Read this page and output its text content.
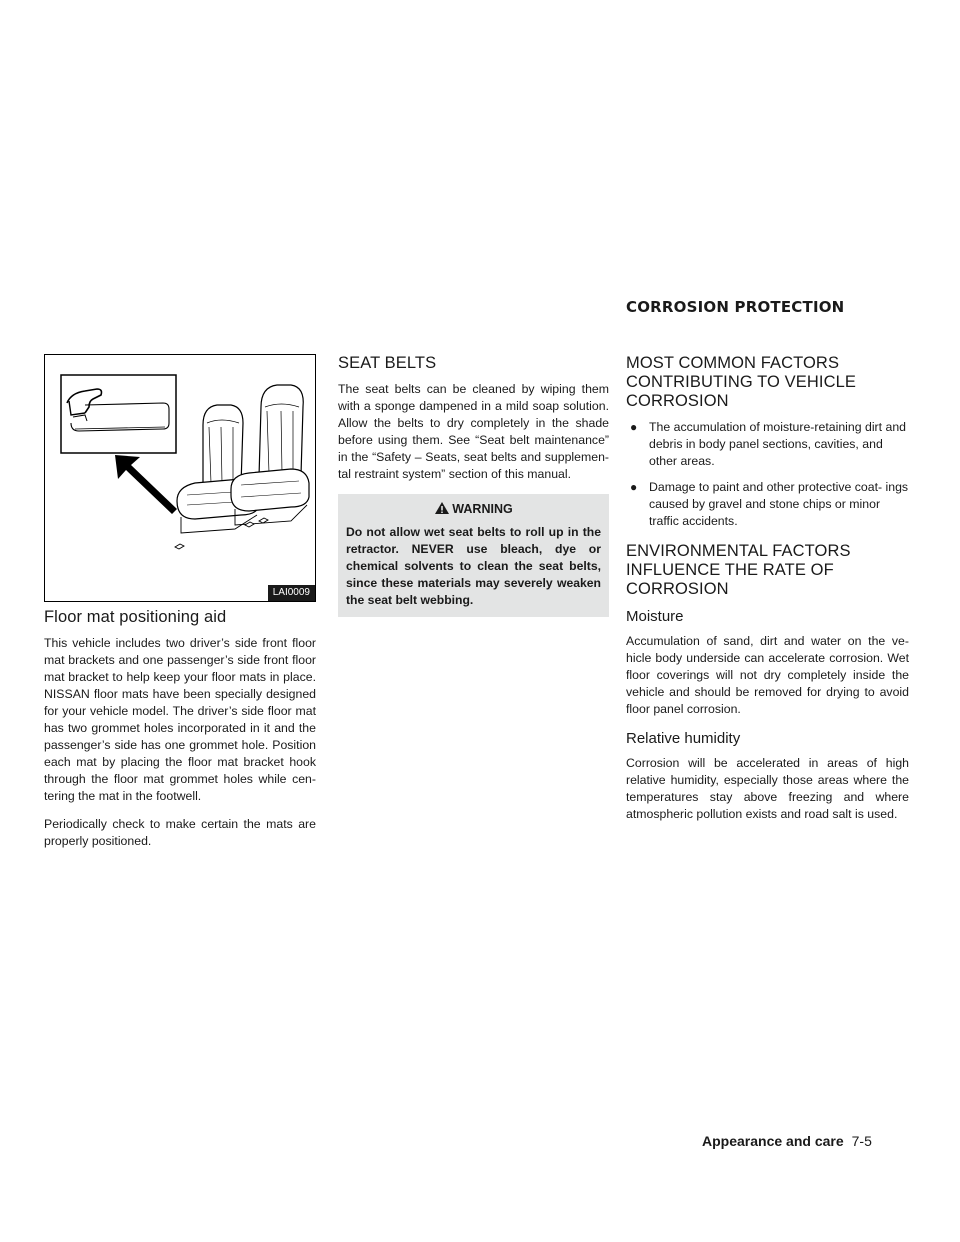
CORROSION PROTECTION
LAI0009
Floor mat positioning aid

This vehicle includes two driver’s side front floor mat brackets and one passenger’s side front floor mat bracket to help keep your floor mats in place. NISSAN floor mats have been specially designed for your vehicle model. The driver’s side floor mat has two grommet holes incorporated in it and the passenger’s side has one grommet hole. Position each mat by placing the floor mat bracket hook through the floor mat grommet holes while cen- tering the mat in the footwell.

Periodically check to make certain the mats are properly positioned.

SEAT BELTS

The seat belts can be cleaned by wiping them with a sponge dampened in a mild soap solution. Allow the belts to dry completely in the shade before using them. See “Seat belt maintenance” in the “Safety – Seats, seat belts and supplemen- tal restraint system” section of this manual.

WARNING
Do not allow wet seat belts to roll up in the retractor. NEVER use bleach, dye or chemical solvents to clean the seat belts, since these materials may severely weaken the seat belt webbing.
MOST COMMON FACTORS CONTRIBUTING TO VEHICLE CORROSION
● The accumulation of moisture-retaining dirt and debris in body panel sections, cavities, and other areas.
● Damage to paint and other protective coat- ings caused by gravel and stone chips or minor traffic accidents.
ENVIRONMENTAL FACTORS INFLUENCE THE RATE OF CORROSION
Moisture

Accumulation of sand, dirt and water on the ve- hicle body underside can accelerate corrosion. Wet floor coverings will not dry completely inside the vehicle and should be removed for drying to avoid floor panel corrosion.

Relative humidity

Corrosion will be accelerated in areas of high relative humidity, especially those areas where the temperatures stay above freezing and where atmospheric pollution exists and road salt is used.

Appearance and care 7-5
